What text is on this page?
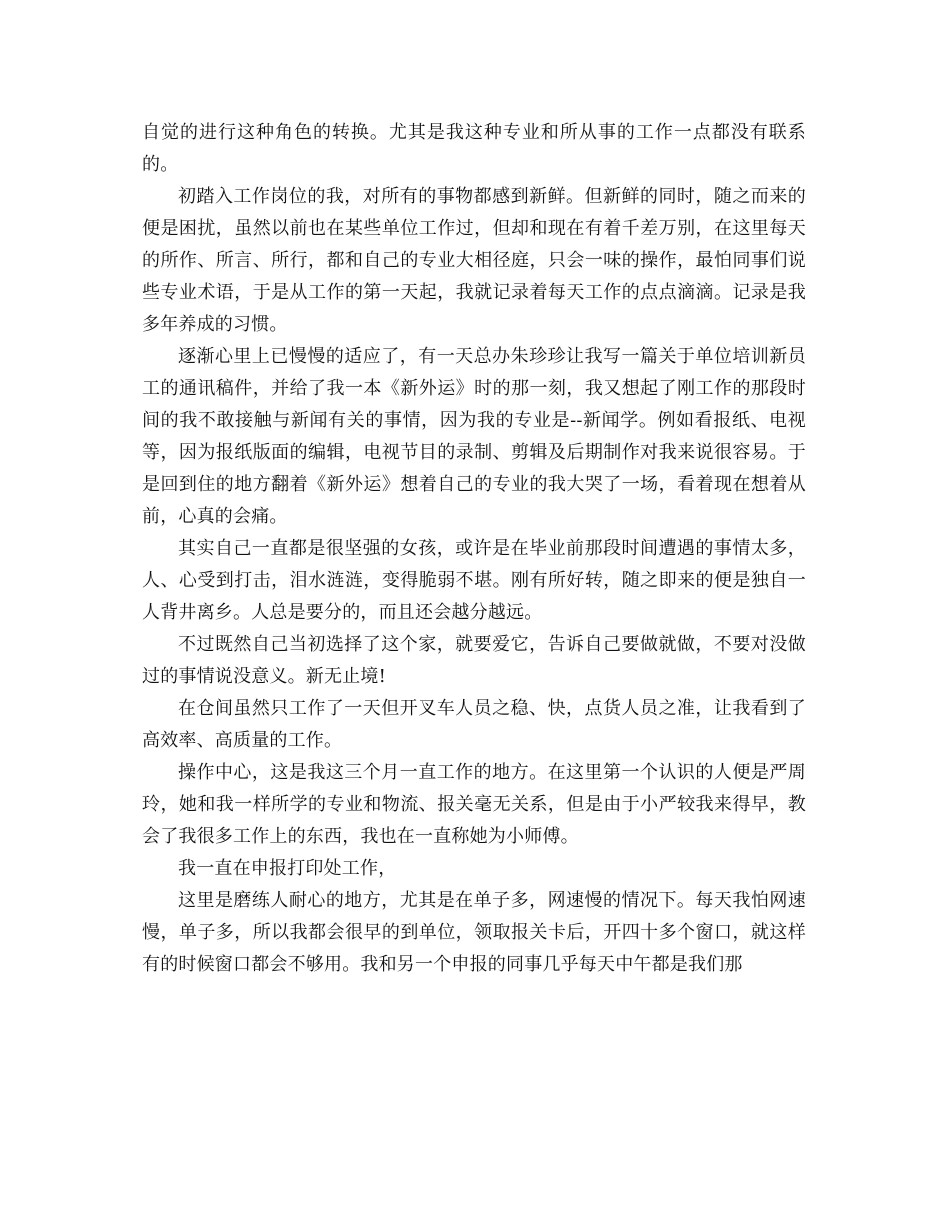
自觉的进行这种角色的转换。尤其是我这种专业和所从事的工作一点都没有联系的。

初踏入工作岗位的我，对所有的事物都感到新鲜。但新鲜的同时，随之而来的便是困扰，虽然以前也在某些单位工作过，但却和现在有着千差万别，在这里每天的所作、所言、所行，都和自己的专业大相径庭，只会一味的操作，最怕同事们说些专业术语，于是从工作的第一天起，我就记录着每天工作的点点滴滴。记录是我多年养成的习惯。

逐渐心里上已慢慢的适应了，有一天总办朱珍珍让我写一篇关于单位培训新员工的通讯稿件，并给了我一本《新外运》时的那一刻，我又想起了刚工作的那段时间的我不敢接触与新闻有关的事情，因为我的专业是--新闻学。例如看报纸、电视等，因为报纸版面的编辑，电视节目的录制、剪辑及后期制作对我来说很容易。于是回到住的地方翻着《新外运》想着自己的专业的我大哭了一场，看着现在想着从前，心真的会痛。

其实自己一直都是很坚强的女孩，或许是在毕业前那段时间遭遇的事情太多，人、心受到打击，泪水涟涟，变得脆弱不堪。刚有所好转，随之即来的便是独自一人背井离乡。人总是要分的，而且还会越分越远。

不过既然自己当初选择了这个家，就要爱它，告诉自己要做就做，不要对没做过的事情说没意义。新无止境!

在仓间虽然只工作了一天但开叉车人员之稳、快，点货人员之准，让我看到了高效率、高质量的工作。

操作中心，这是我这三个月一直工作的地方。在这里第一个认识的人便是严周玲，她和我一样所学的专业和物流、报关毫无关系，但是由于小严较我来得早，教会了我很多工作上的东西，我也在一直称她为小师傅。

我一直在申报打印处工作，

这里是磨练人耐心的地方，尤其是在单子多，网速慢的情况下。每天我怕网速慢，单子多，所以我都会很早的到单位，领取报关卡后，开四十多个窗口，就这样有的时候窗口都会不够用。我和另一个申报的同事几乎每天中午都是我们那
